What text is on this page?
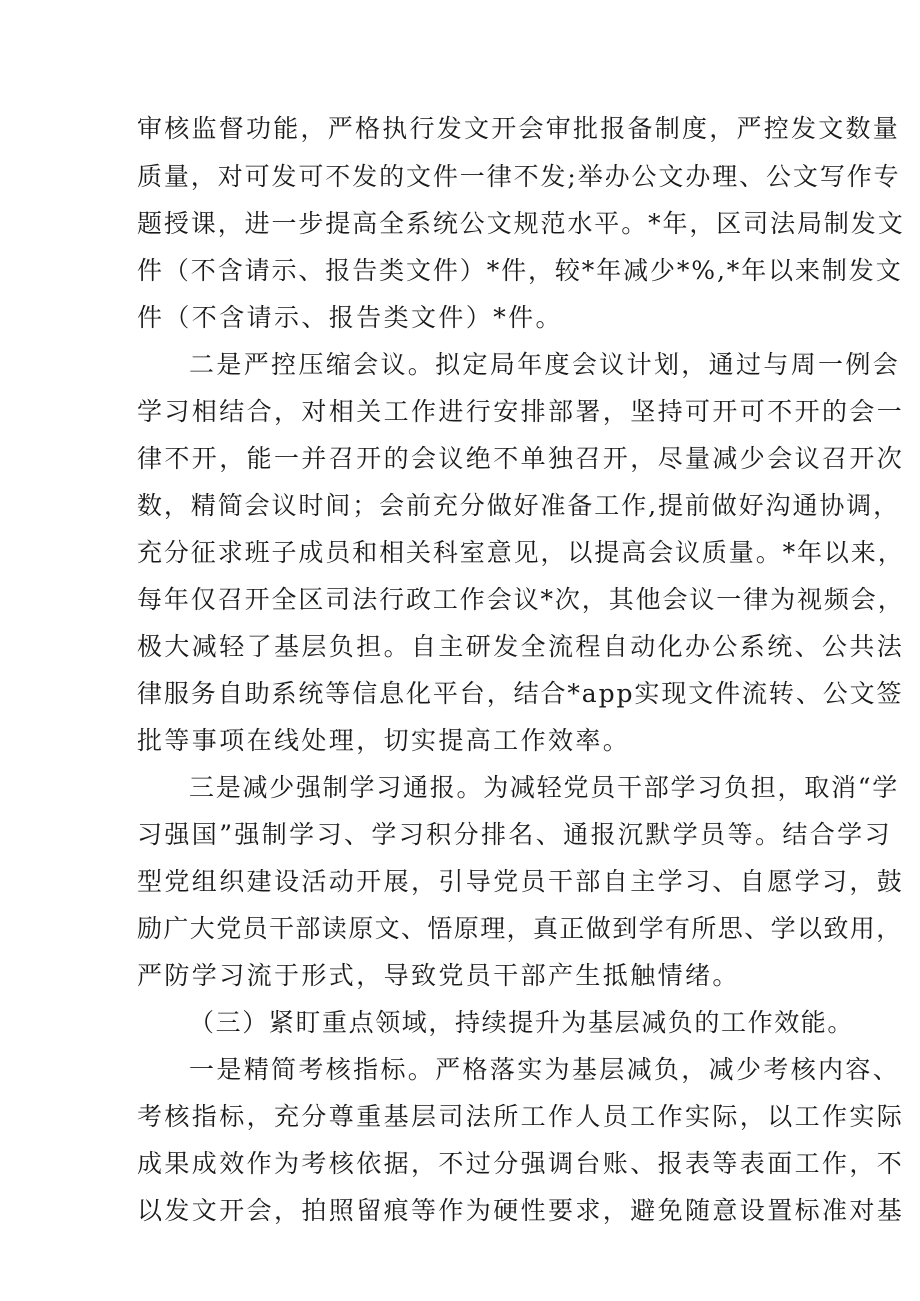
审核监督功能，严格执行发文开会审批报备制度，严控发文数量
质量，对可发可不发的文件一律不发;举办公文办理、公文写作专
题授课，进一步提高全系统公文规范水平。*年，区司法局制发文
件（不含请示、报告类文件）*件，较*年减少*%,*年以来制发文
件（不含请示、报告类文件）*件。
二是严控压缩会议。拟定局年度会议计划，通过与周一例会
学习相结合，对相关工作进行安排部署，坚持可开可不开的会一
律不开，能一并召开的会议绝不单独召开，尽量减少会议召开次
数，精简会议时间；会前充分做好准备工作,提前做好沟通协调，
充分征求班子成员和相关科室意见，以提高会议质量。*年以来，
每年仅召开全区司法行政工作会议*次，其他会议一律为视频会，
极大减轻了基层负担。自主研发全流程自动化办公系统、公共法
律服务自助系统等信息化平台，结合*app实现文件流转、公文签
批等事项在线处理，切实提高工作效率。
三是减少强制学习通报。为减轻党员干部学习负担，取消“学
习强国”强制学习、学习积分排名、通报沉默学员等。结合学习
型党组织建设活动开展，引导党员干部自主学习、自愿学习，鼓
励广大党员干部读原文、悟原理，真正做到学有所思、学以致用，
严防学习流于形式，导致党员干部产生抵触情绪。
（三）紧盯重点领域，持续提升为基层减负的工作效能。
一是精简考核指标。严格落实为基层减负，减少考核内容、
考核指标，充分尊重基层司法所工作人员工作实际，以工作实际
成果成效作为考核依据，不过分强调台账、报表等表面工作，不
以发文开会，拍照留痕等作为硬性要求，避免随意设置标准对基
